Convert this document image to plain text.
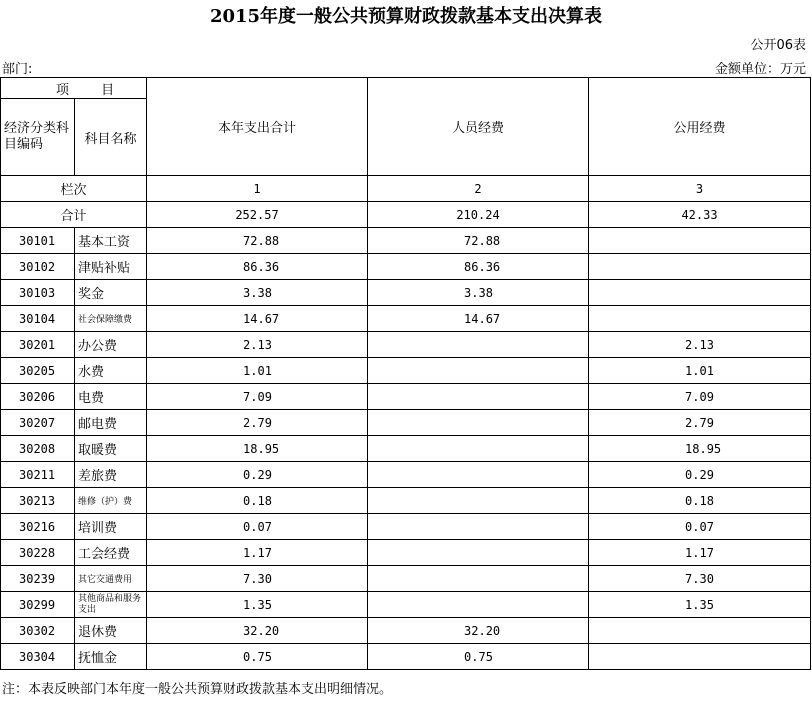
2015年度一般公共预算财政拨款基本支出决算表
公开06表
部门:	金额单位：万元
项 目		本年支出合计	人员经费	公用经费
经济分类科目编码	科目名称			
栏次		1	2	3
合计		252.57	210.24	42.33
30101	基本工资	72.88	72.88	
30102	津贴补贴	86.36	86.36	
30103	奖金	3.38	3.38	
30104	社会保障缴费	14.67	14.67	
30201	办公费	2.13		2.13
30205	水费	1.01		1.01
30206	电费	7.09		7.09
30207	邮电费	2.79		2.79
30208	取暖费	18.95		18.95
30211	差旅费	0.29		0.29
30213	维修（护）费	0.18		0.18
30216	培训费	0.07		0.07
30228	工会经费	1.17		1.17
30239	其它交通费用	7.30		7.30
30299	其他商品和服务支出	1.35		1.35
30302	退休费	32.20	32.20	
30304	抚恤金	0.75	0.75	
注：本表反映部门本年度一般公共预算财政拨款基本支出明细情况。
